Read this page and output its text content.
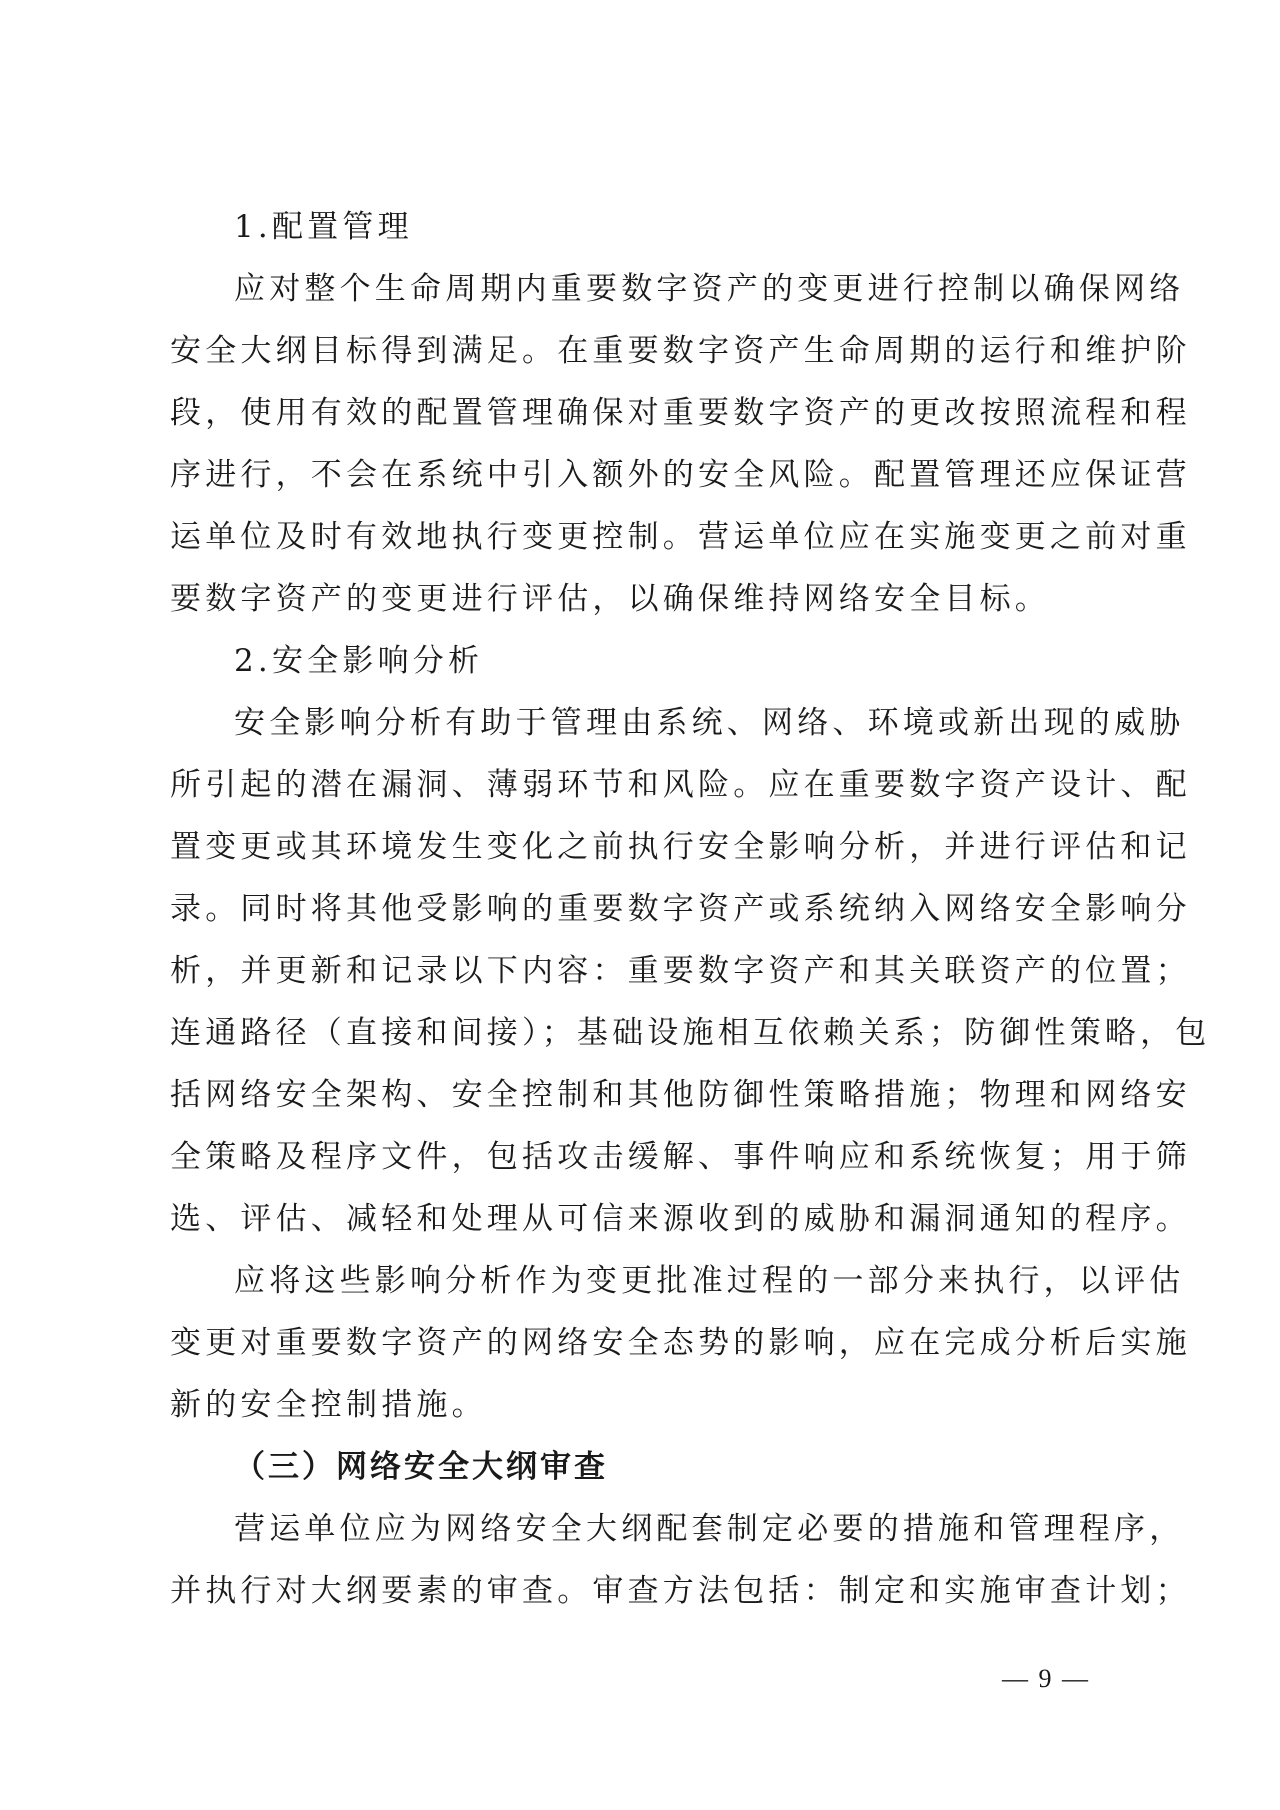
1.配置管理
应对整个生命周期内重要数字资产的变更进行控制以确保网络
安全大纲目标得到满足。在重要数字资产生命周期的运行和维护阶
段，使用有效的配置管理确保对重要数字资产的更改按照流程和程
序进行，不会在系统中引入额外的安全风险。配置管理还应保证营
运单位及时有效地执行变更控制。营运单位应在实施变更之前对重
要数字资产的变更进行评估，以确保维持网络安全目标。
2.安全影响分析
安全影响分析有助于管理由系统、网络、环境或新出现的威胁
所引起的潜在漏洞、薄弱环节和风险。应在重要数字资产设计、配
置变更或其环境发生变化之前执行安全影响分析，并进行评估和记
录。同时将其他受影响的重要数字资产或系统纳入网络安全影响分
析，并更新和记录以下内容：重要数字资产和其关联资产的位置；
连通路径（直接和间接）；基础设施相互依赖关系；防御性策略，包
括网络安全架构、安全控制和其他防御性策略措施；物理和网络安
全策略及程序文件，包括攻击缓解、事件响应和系统恢复；用于筛
选、评估、减轻和处理从可信来源收到的威胁和漏洞通知的程序。
应将这些影响分析作为变更批准过程的一部分来执行，以评估
变更对重要数字资产的网络安全态势的影响，应在完成分析后实施
新的安全控制措施。
（三）网络安全大纲审查
营运单位应为网络安全大纲配套制定必要的措施和管理程序，
并执行对大纲要素的审查。审查方法包括：制定和实施审查计划；
— 9 —
